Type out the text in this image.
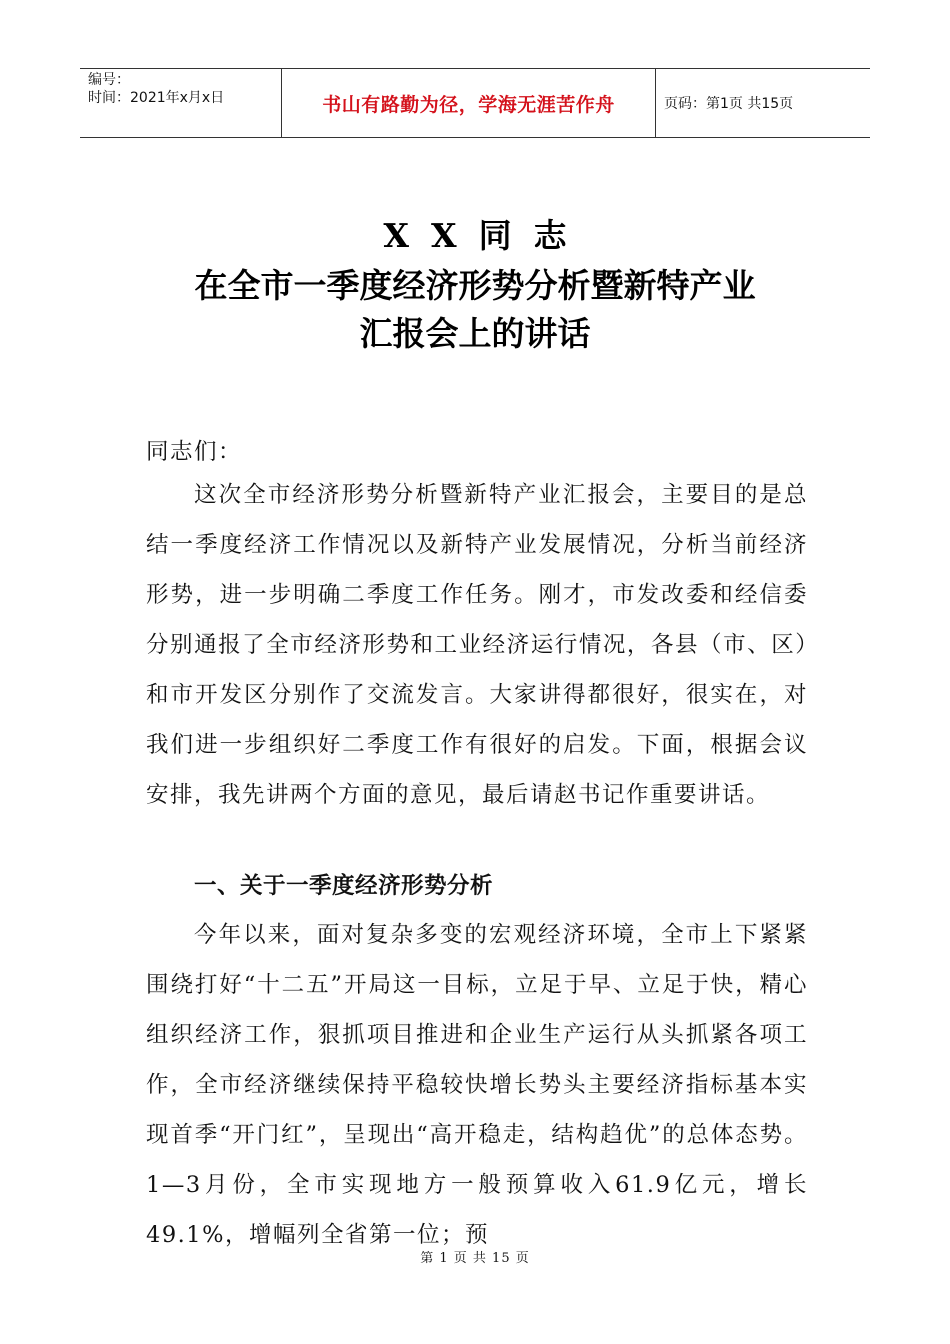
编号：
时间：2021年x月x日	书山有路勤为径，学海无涯苦作舟	页码：第1页 共15页
XX同志
在全市一季度经济形势分析暨新特产业
汇报会上的讲话
同志们：
这次全市经济形势分析暨新特产业汇报会，主要目的是总结一季度经济工作情况以及新特产业发展情况，分析当前经济形势，进一步明确二季度工作任务。刚才，市发改委和经信委分别通报了全市经济形势和工业经济运行情况，各县（市、区）和市开发区分别作了交流发言。大家讲得都很好，很实在，对我们进一步组织好二季度工作有很好的启发。下面，根据会议安排，我先讲两个方面的意见，最后请赵书记作重要讲话。
一、关于一季度经济形势分析
今年以来，面对复杂多变的宏观经济环境，全市上下紧紧围绕打好“十二五”开局这一目标，立足于早、立足于快，精心组织经济工作，狠抓项目推进和企业生产运行从头抓紧各项工作，全市经济继续保持平稳较快增长势头主要经济指标基本实现首季“开门红”，呈现出“高开稳走，结构趋优”的总体态势。1—3月份，全市实现地方一般预算收入61.9亿元，增长49.1%，增幅列全省第一位；预
第 1 页 共 15 页
